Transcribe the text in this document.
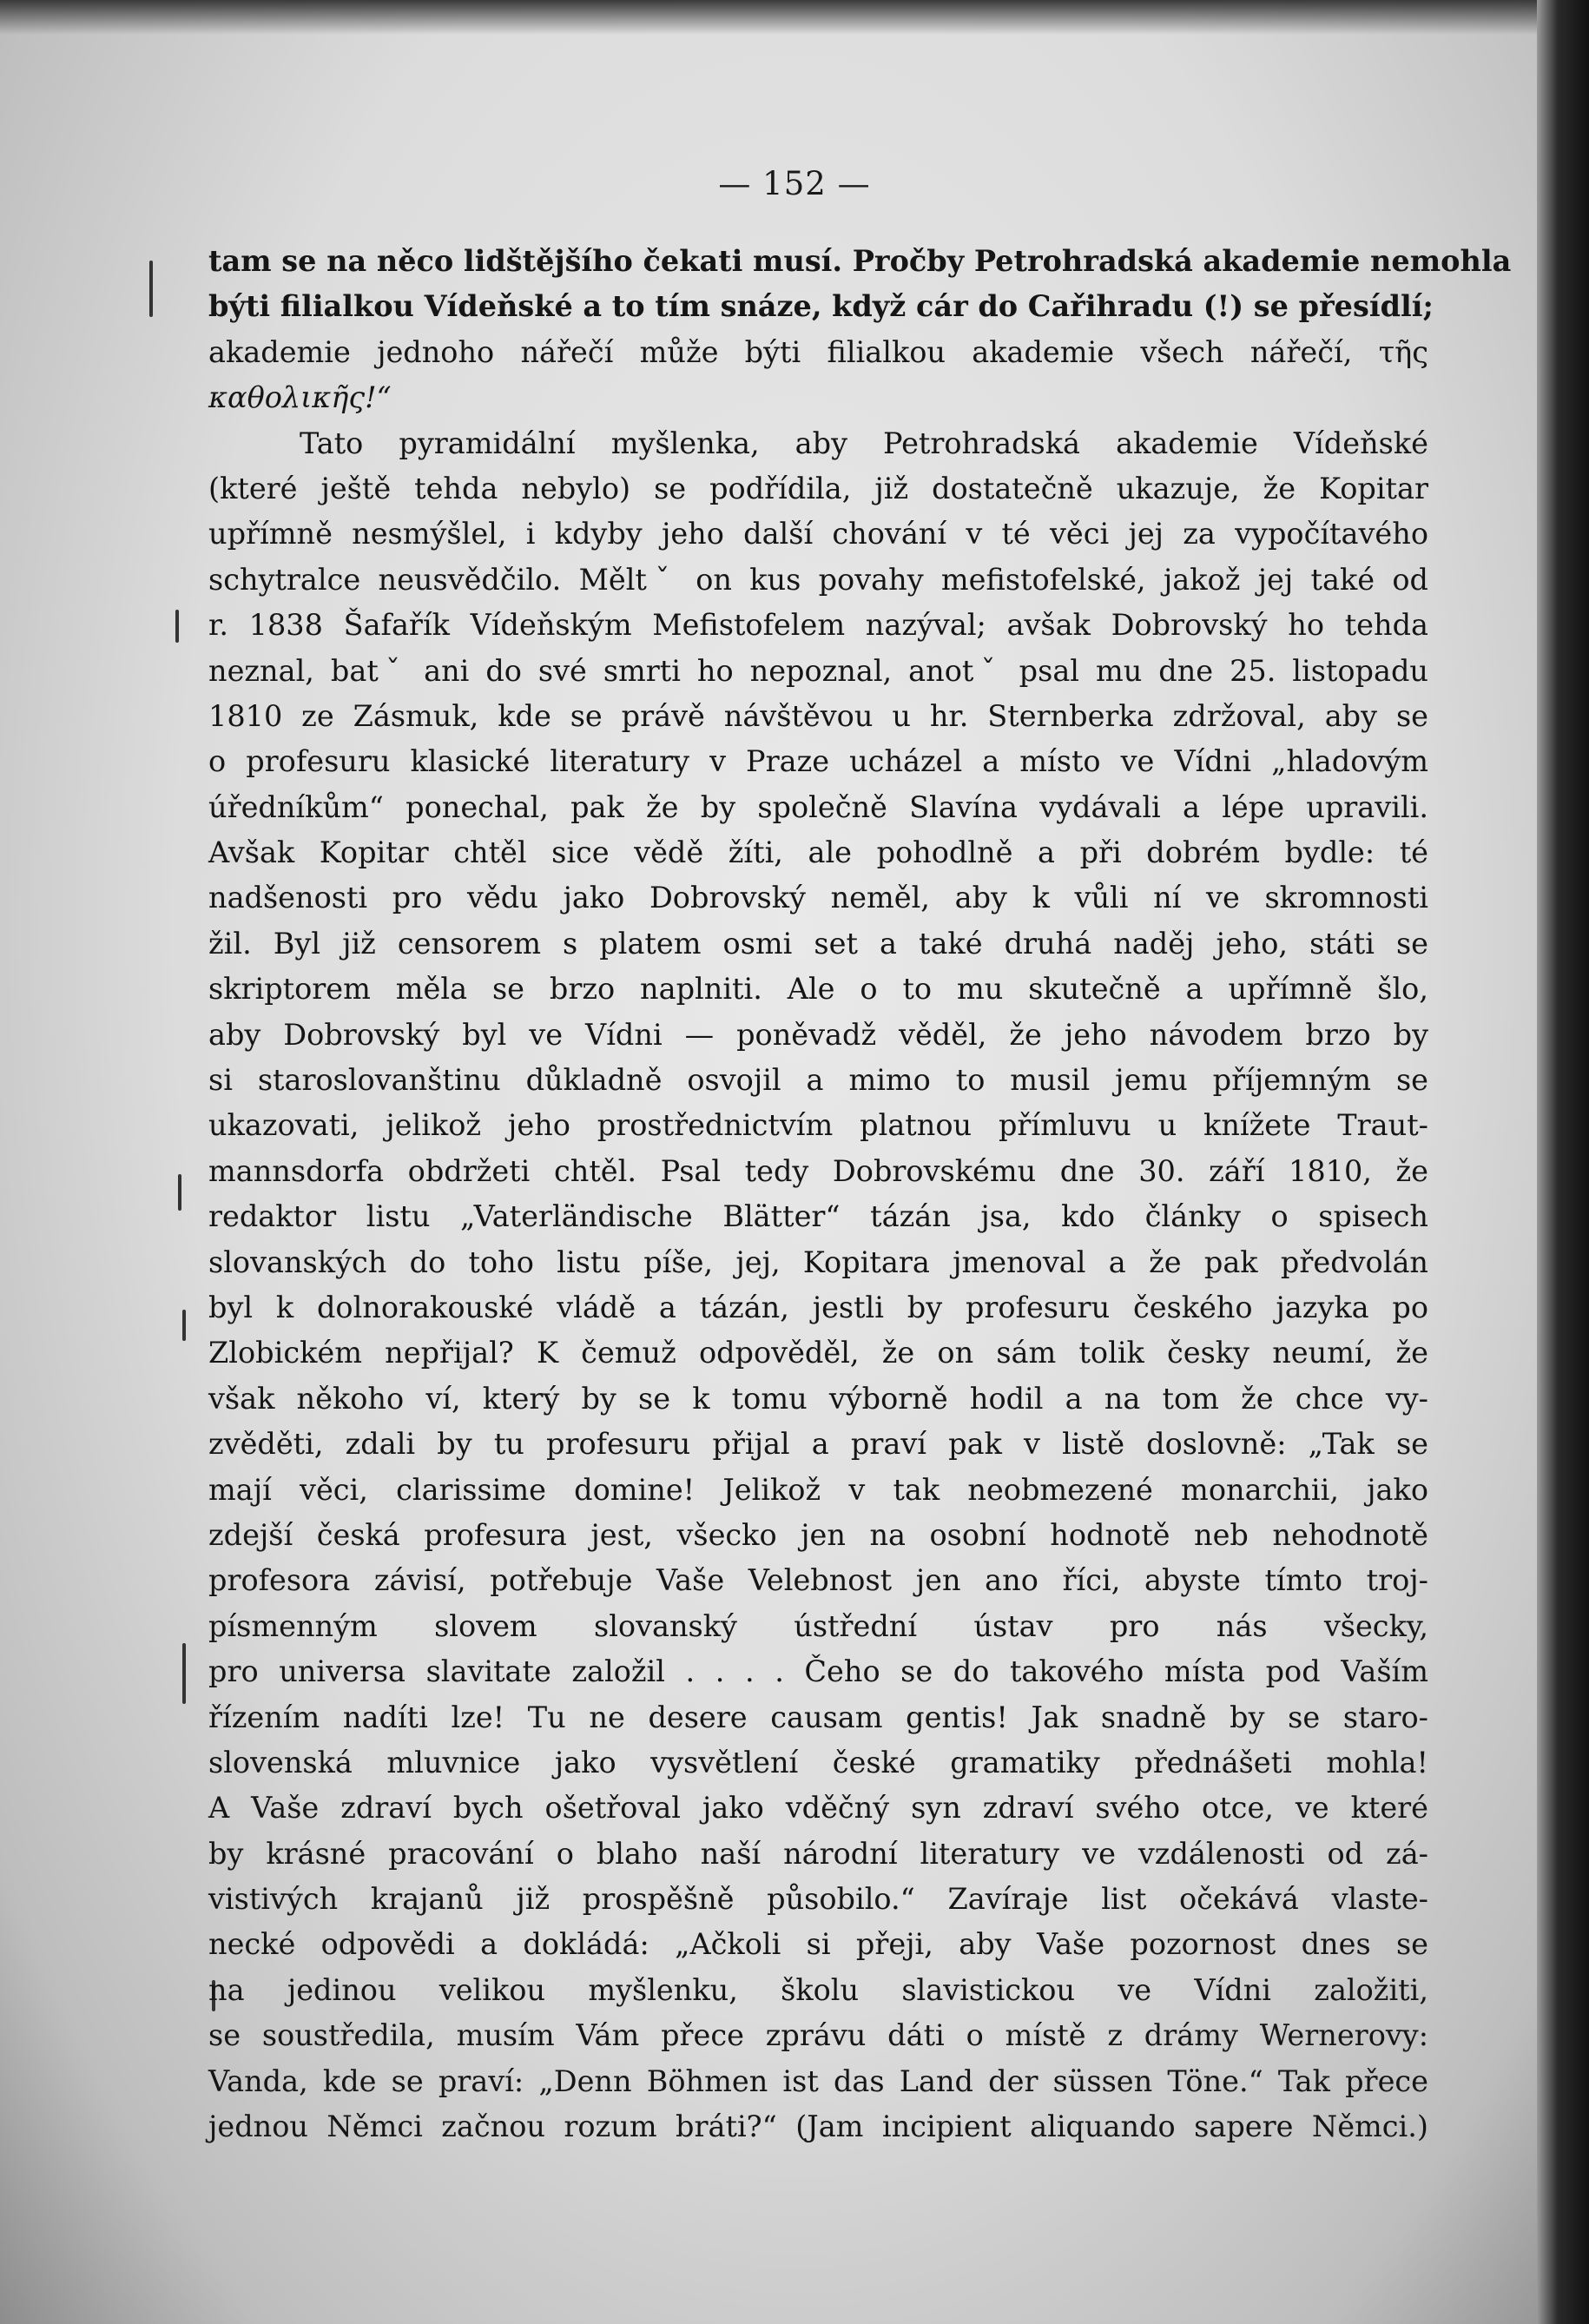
— 152 —
tam se na něco lidštějšího čekati musí. Pročby Petrohradská akademie nemohla
býti filialkou Vídeňské a to tím snáze, když cár do Cařihradu (!) se přesídlí;
akademie jednoho nářečí může býti filialkou akademie všech nářečí, τῆς
καθολικῆς!“
Tato pyramidální myšlenka, aby Petrohradská akademie Vídeňské
(které ještě tehda nebylo) se podřídila, již dostatečně ukazuje, že Kopitar
upřímně nesmýšlel, i kdyby jeho další chování v té věci jej za vypočítavého
schytralce neusvědčilo. Měltˇ on kus povahy mefistofelské, jakož jej také od
r. 1838 Šafařík Vídeňským Mefistofelem nazýval; avšak Dobrovský ho tehda
neznal, batˇ ani do své smrti ho nepoznal, anotˇ psal mu dne 25. listopadu
1810 ze Zásmuk, kde se právě návštěvou u hr. Sternberka zdržoval, aby se
o profesuru klasické literatury v Praze ucházel a místo ve Vídni „hladovým
úředníkům“ ponechal, pak že by společně Slavína vydávali a lépe upravili.
Avšak Kopitar chtěl sice vědě žíti, ale pohodlně a při dobrém bydle: té
nadšenosti pro vědu jako Dobrovský neměl, aby k vůli ní ve skromnosti
žil. Byl již censorem s platem osmi set a také druhá naděj jeho, státi se
skriptorem měla se brzo naplniti. Ale o to mu skutečně a upřímně šlo,
aby Dobrovský byl ve Vídni — poněvadž věděl, že jeho návodem brzo by
si staroslovanštinu důkladně osvojil a mimo to musil jemu příjemným se
ukazovati, jelikož jeho prostřednictvím platnou přímluvu u knížete Traut-
mannsdorfa obdržeti chtěl. Psal tedy Dobrovskému dne 30. září 1810, že
redaktor listu „Vaterländische Blätter“ tázán jsa, kdo články o spisech
slovanských do toho listu píše, jej, Kopitara jmenoval a že pak předvolán
byl k dolnorakouské vládě a tázán, jestli by profesuru českého jazyka po
Zlobickém nepřijal? K čemuž odpověděl, že on sám tolik česky neumí, že
však někoho ví, který by se k tomu výborně hodil a na tom že chce vy-
zvěděti, zdali by tu profesuru přijal a praví pak v listě doslovně: „Tak se
mají věci, clarissime domine! Jelikož v tak neobmezené monarchii, jako
zdejší česká profesura jest, všecko jen na osobní hodnotě neb nehodnotě
profesora závisí, potřebuje Vaše Velebnost jen ano říci, abyste tímto troj-
písmenným slovem slovanský ústřední ústav pro nás všecky,
pro universa slavitate založil . . . . Čeho se do takového místa pod Vaším
řízením nadíti lze! Tu ne desere causam gentis! Jak snadně by se staro-
slovenská mluvnice jako vysvětlení české gramatiky přednášeti mohla!
A Vaše zdraví bych ošetřoval jako vděčný syn zdraví svého otce, ve které
by krásné pracování o blaho naší národní literatury ve vzdálenosti od zá-
vistivých krajanů již prospěšně působilo.“ Zavíraje list očekává vlaste-
necké odpovědi a dokládá: „Ačkoli si přeji, aby Vaše pozornost dnes se
na jedinou velikou myšlenku, školu slavistickou ve Vídni založiti,
se soustředila, musím Vám přece zprávu dáti o místě z drámy Wernerovy:
Vanda, kde se praví: „Denn Böhmen ist das Land der süssen Töne.“ Tak přece
jednou Němci začnou rozum bráti?“ (Jam incipient aliquando sapere Němci.)
